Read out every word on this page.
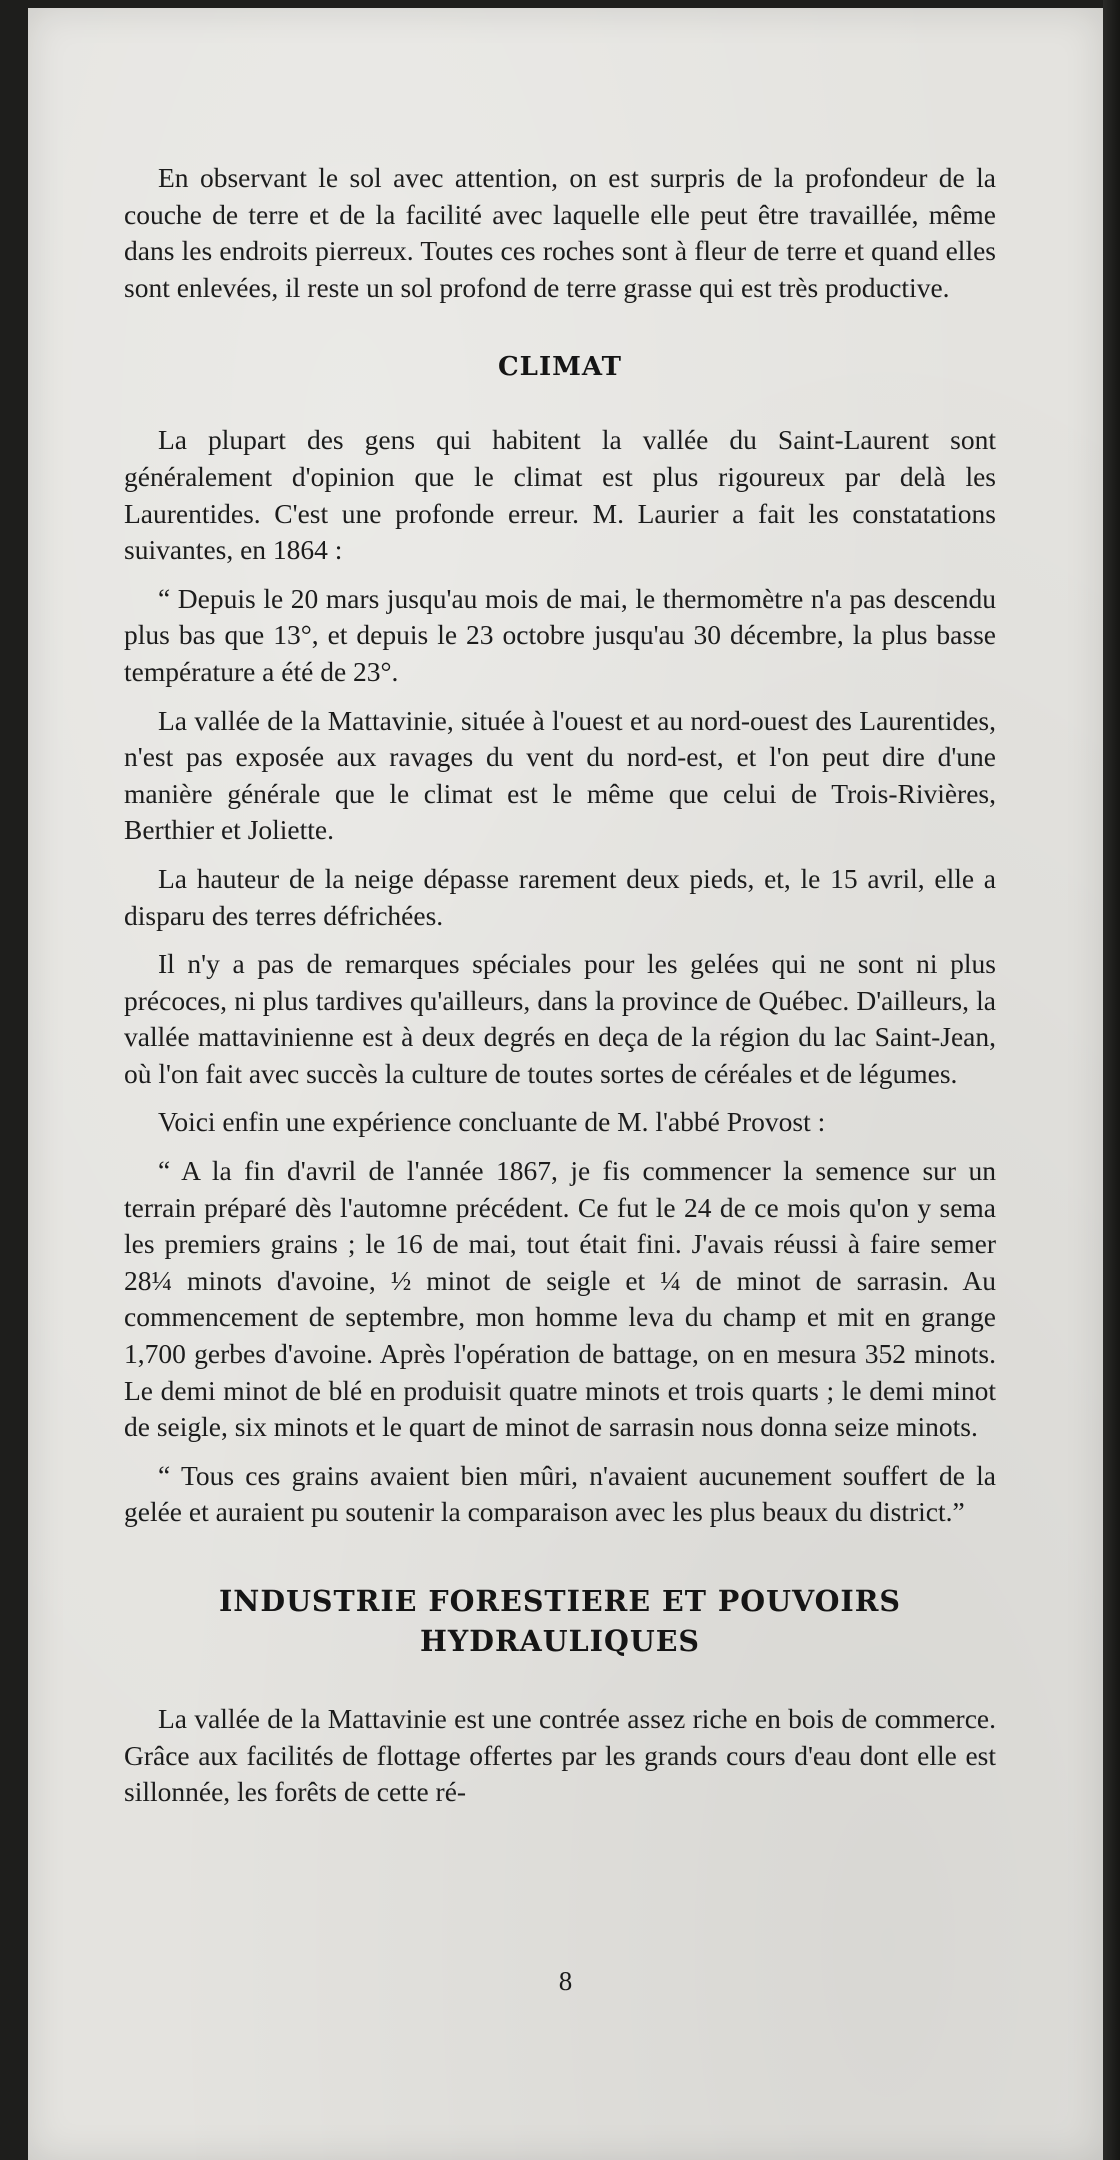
En observant le sol avec attention, on est surpris de la profondeur de la couche de terre et de la facilité avec laquelle elle peut être travaillée, même dans les endroits pierreux. Toutes ces roches sont à fleur de terre et quand elles sont enlevées, il reste un sol profond de terre grasse qui est très productive.

CLIMAT

La plupart des gens qui habitent la vallée du Saint-Laurent sont généralement d'opinion que le climat est plus rigoureux par delà les Laurentides. C'est une profonde erreur. M. Laurier a fait les constatations suivantes, en 1864 :

“ Depuis le 20 mars jusqu'au mois de mai, le thermomètre n'a pas descendu plus bas que 13°, et depuis le 23 octobre jusqu'au 30 décembre, la plus basse température a été de 23°.

La vallée de la Mattavinie, située à l'ouest et au nord-ouest des Laurentides, n'est pas exposée aux ravages du vent du nord-est, et l'on peut dire d'une manière générale que le climat est le même que celui de Trois-Rivières, Berthier et Joliette.

La hauteur de la neige dépasse rarement deux pieds, et, le 15 avril, elle a disparu des terres défrichées.

Il n'y a pas de remarques spéciales pour les gelées qui ne sont ni plus précoces, ni plus tardives qu'ailleurs, dans la province de Québec. D'ailleurs, la vallée mattavinienne est à deux degrés en deça de la région du lac Saint-Jean, où l'on fait avec succès la culture de toutes sortes de céréales et de légumes.

Voici enfin une expérience concluante de M. l'abbé Provost :

“ A la fin d'avril de l'année 1867, je fis commencer la semence sur un terrain préparé dès l'automne précédent. Ce fut le 24 de ce mois qu'on y sema les premiers grains ; le 16 de mai, tout était fini. J'avais réussi à faire semer 28¼ minots d'avoine, ½ minot de seigle et ¼ de minot de sarrasin. Au commencement de septembre, mon homme leva du champ et mit en grange 1,700 gerbes d'avoine. Après l'opération de battage, on en mesura 352 minots. Le demi minot de blé en produisit quatre minots et trois quarts ; le demi minot de seigle, six minots et le quart de minot de sarrasin nous donna seize minots.

“ Tous ces grains avaient bien mûri, n'avaient aucunement souffert de la gelée et auraient pu soutenir la comparaison avec les plus beaux du district.”

INDUSTRIE FORESTIERE ET POUVOIRS
HYDRAULIQUES

La vallée de la Mattavinie est une contrée assez riche en bois de commerce. Grâce aux facilités de flottage offertes par les grands cours d'eau dont elle est sillonnée, les forêts de cette ré-

8
